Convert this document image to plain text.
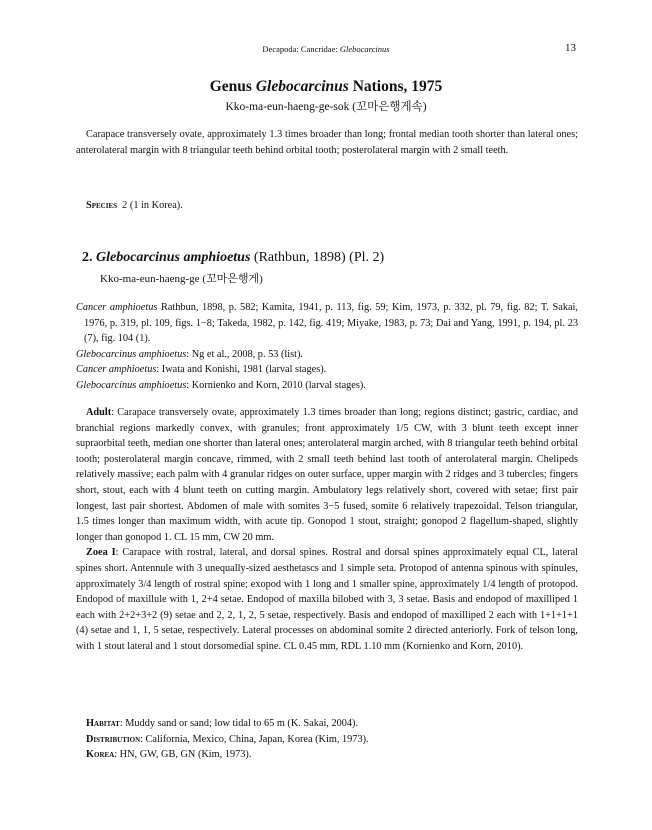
Decapoda: Cancridae: Glebocarcinus	13
Genus Glebocarcinus Nations, 1975
Kko-ma-eun-haeng-ge-sok (꼬마은행게속)
Carapace transversely ovate, approximately 1.3 times broader than long; frontal median tooth shorter than lateral ones; anterolateral margin with 8 triangular teeth behind orbital tooth; posterolateral margin with 2 small teeth.
Species 2 (1 in Korea).
2. Glebocarcinus amphioetus (Rathbun, 1898) (Pl. 2)
Kko-ma-eun-haeng-ge (꼬마은행게)

Cancer amphioetus Rathbun, 1898, p. 582; Kamita, 1941, p. 113, fig. 59; Kim, 1973, p. 332, pl. 79, fig. 82; T. Sakai, 1976, p. 319, pl. 109, figs. 1−8; Takeda, 1982, p. 142, fig. 419; Miyake, 1983, p. 73; Dai and Yang, 1991, p. 194, pl. 23 (7), fig. 104 (1).

Glebocarcinus amphioetus: Ng et al., 2008, p. 53 (list).

Cancer amphioetus: Iwata and Konishi, 1981 (larval stages).

Glebocarcinus amphioetus: Kornienko and Korn, 2010 (larval stages).

Adult: Carapace transversely ovate, approximately 1.3 times broader than long; regions distinct; gastric, cardiac, and branchial regions markedly convex, with granules; front approximately 1/5 CW, with 3 blunt teeth except inner supraorbital teeth, median one shorter than lateral ones; anterolateral margin arched, with 8 triangular teeth behind orbital tooth; posterolateral margin concave, rimmed, with 2 small teeth behind last tooth of anterolateral margin. Chelipeds relatively massive; each palm with 4 granular ridges on outer surface, upper margin with 2 ridges and 3 tubercles; fingers short, stout, each with 4 blunt teeth on cutting margin. Ambulatory legs relatively short, covered with setae; first pair longest, last pair shortest. Abdomen of male with somites 3−5 fused, somite 6 relatively trapezoidal. Telson triangular, 1.5 times longer than maximum width, with acute tip. Gonopod 1 stout, straight; gonopod 2 flagellum-shaped, slightly longer than gonopod 1. CL 15 mm, CW 20 mm.

Zoea I: Carapace with rostral, lateral, and dorsal spines. Rostral and dorsal spines approximately equal CL, lateral spines short. Antennule with 3 unequally-sized aesthetascs and 1 simple seta. Protopod of antenna spinous with spinules, approximately 3/4 length of rostral spine; exopod with 1 long and 1 smaller spine, approximately 1/4 length of protopod. Endopod of maxillule with 1, 2+4 setae. Endopod of maxilla bilobed with 3, 3 setae. Basis and endopod of maxilliped 1 each with 2+2+3+2 (9) setae and 2, 2, 1, 2, 5 setae, respectively. Basis and endopod of maxilliped 2 each with 1+1+1+1 (4) setae and 1, 1, 5 setae, respectively. Lateral processes on abdominal somite 2 directed anteriorly. Fork of telson long, with 1 stout lateral and 1 stout dorsomedial spine. CL 0.45 mm, RDL 1.10 mm (Kornienko and Korn, 2010).

Habitat: Muddy sand or sand; low tidal to 65 m (K. Sakai, 2004).

Distribution: California, Mexico, China, Japan, Korea (Kim, 1973).

Korea: HN, GW, GB, GN (Kim, 1973).
